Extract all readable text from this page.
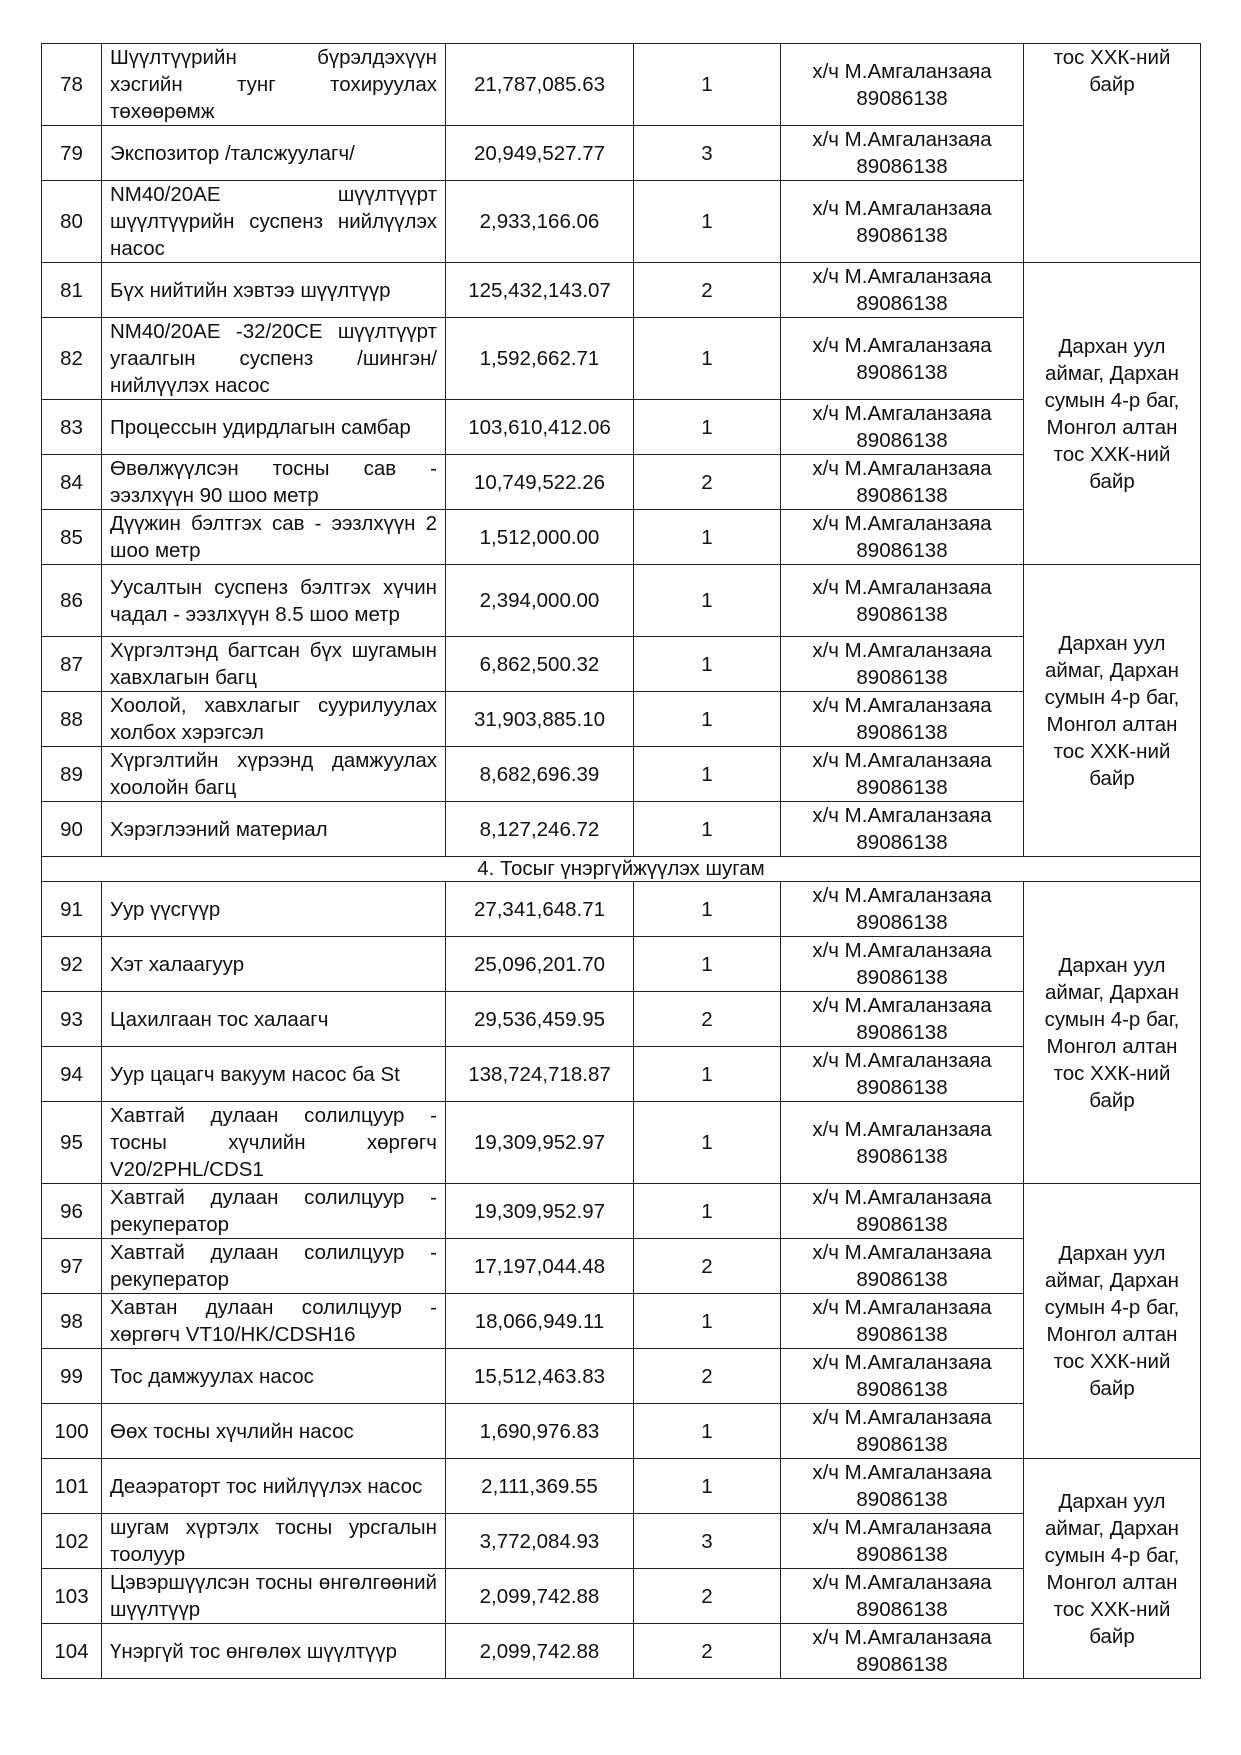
78	Шүүлтүүрийн бүрэлдэхүүн хэсгийн тунг тохируулах төхөөрөмж	21,787,085.63	1	х/ч М.Амгаланзаяа 89086138	тос ХХК-ний байр
79	Экспозитор /талсжуулагч/	20,949,527.77	3	х/ч М.Амгаланзаяа 89086138	
80	NM40/20AE шүүлтүүрт шүүлтүүрийн суспенз нийлүүлэх насос	2,933,166.06	1	х/ч М.Амгаланзаяа 89086138	
81	Бүх нийтийн хэвтээ шүүлтүүр	125,432,143.07	2	х/ч М.Амгаланзаяа 89086138	Дархан уул аймаг, Дархан сумын 4-р баг, Монгол алтан тос ХХК-ний байр
82	NM40/20AE -32/20CE шүүлтүүрт угаалгын суспенз /шингэн/ нийлүүлэх насос	1,592,662.71	1	х/ч М.Амгаланзаяа 89086138	
83	Процессын удирдлагын самбар	103,610,412.06	1	х/ч М.Амгаланзаяа 89086138	
84	Өвөлжүүлсэн тосны сав - ээзлхүүн 90 шоо метр	10,749,522.26	2	х/ч М.Амгаланзаяа 89086138	
85	Дүүжин бэлтгэх сав - ээзлхүүн 2 шоо метр	1,512,000.00	1	х/ч М.Амгаланзаяа 89086138	
86	Уусалтын суспенз бэлтгэх хүчин чадал - ээзлхүүн 8.5 шоо метр	2,394,000.00	1	х/ч М.Амгаланзаяа 89086138	Дархан уул аймаг, Дархан сумын 4-р баг, Монгол алтан тос ХХК-ний байр
87	Хүргэлтэнд багтсан бүх шугамын хавхлагын багц	6,862,500.32	1	х/ч М.Амгаланзаяа 89086138	
88	Хоолой, хавхлагыг суурилуулах холбох хэрэгсэл	31,903,885.10	1	х/ч М.Амгаланзаяа 89086138	
89	Хүргэлтийн хүрээнд дамжуулах хоолойн багц	8,682,696.39	1	х/ч М.Амгаланзаяа 89086138	
90	Хэрэглээний материал	8,127,246.72	1	х/ч М.Амгаланзаяа 89086138	
4. Тосыг үнэргүйжүүлэх шугам					
91	Уур үүсгүүр	27,341,648.71	1	х/ч М.Амгаланзаяа 89086138	Дархан уул аймаг, Дархан сумын 4-р баг, Монгол алтан тос ХХК-ний байр
92	Хэт халаагуур	25,096,201.70	1	х/ч М.Амгаланзаяа 89086138	
93	Цахилгаан тос халаагч	29,536,459.95	2	х/ч М.Амгаланзаяа 89086138	
94	Уур цацагч вакуум насос ба St	138,724,718.87	1	х/ч М.Амгаланзаяа 89086138	
95	Хавтгай дулаан солилцуур - тосны хүчлийн хөргөгч V20/2PHL/CDS1	19,309,952.97	1	х/ч М.Амгаланзаяа 89086138	
96	Хавтгай дулаан солилцуур - рекуператор	19,309,952.97	1	х/ч М.Амгаланзаяа 89086138	Дархан уул аймаг, Дархан сумын 4-р баг, Монгол алтан тос ХХК-ний байр
97	Хавтгай дулаан солилцуур - рекуператор	17,197,044.48	2	х/ч М.Амгаланзаяа 89086138	
98	Хавтан дулаан солилцуур - хөргөгч VT10/HK/CDSH16	18,066,949.11	1	х/ч М.Амгаланзаяа 89086138	
99	Тос дамжуулах насос	15,512,463.83	2	х/ч М.Амгаланзаяа 89086138	
100	Өөх тосны хүчлийн насос	1,690,976.83	1	х/ч М.Амгаланзаяа 89086138	
101	Деаэраторт тос нийлүүлэх насос	2,111,369.55	1	х/ч М.Амгаланзаяа 89086138	Дархан уул аймаг, Дархан сумын 4-р баг, Монгол алтан тос ХХК-ний байр
102	шугам хүртэлх тосны урсгалын тоолуур	3,772,084.93	3	х/ч М.Амгаланзаяа 89086138	
103	Цэвэршүүлсэн тосны өнгөлгөөний шүүлтүүр	2,099,742.88	2	х/ч М.Амгаланзаяа 89086138	
104	Үнэргүй тос өнгөлөх шүүлтүүр	2,099,742.88	2	х/ч М.Амгаланзаяа 89086138	
